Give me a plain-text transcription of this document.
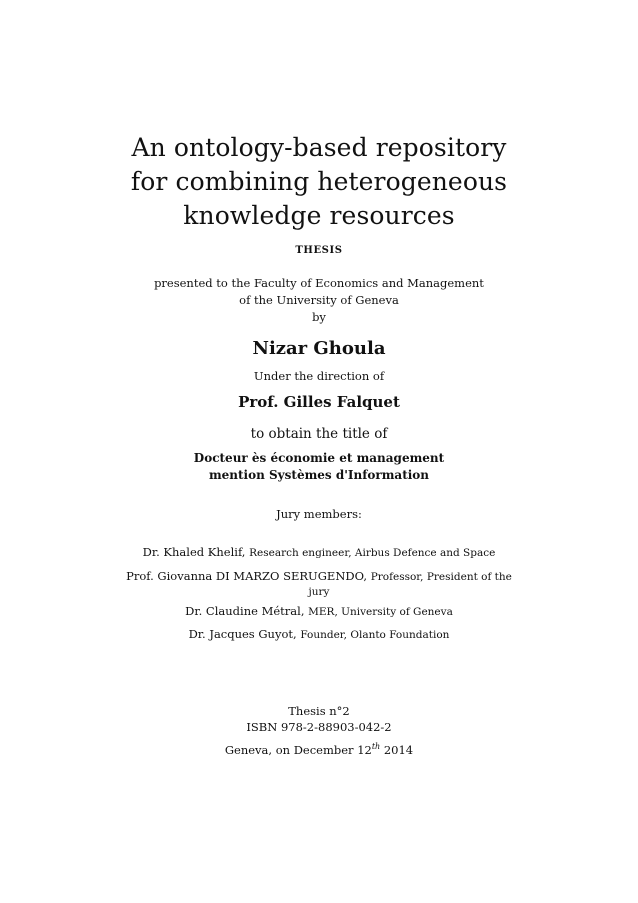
An ontology-based repository
for combining heterogeneous
knowledge resources
THESIS
presented to the Faculty of Economics and Management
of the University of Geneva
by
Nizar Ghoula
Under the direction of
Prof. Gilles Falquet
to obtain the title of
Docteur ès économie et management
mention Systèmes d'Information
Jury members:
Dr. Khaled Khelif, Research engineer, Airbus Defence and Space
Prof. Giovanna DI MARZO SERUGENDO, Professor, President of the
jury
Dr. Claudine Métral, MER, University of Geneva
Dr. Jacques Guyot, Founder, Olanto Foundation
Thesis n°2
ISBN 978-2-88903-042-2
Geneva, on December 12th 2014
